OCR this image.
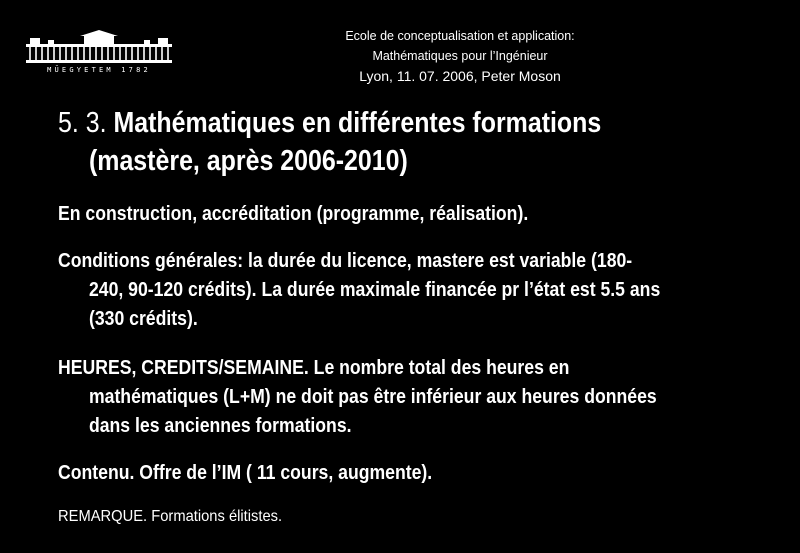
MŰEGYETEM 1782
Ecole de conceptualisation et application:
Mathématiques pour l’Ingénieur
Lyon, 11. 07. 2006, Peter Moson
5. 3. Mathématiques en différentes formations
(mastère, après 2006-2010)
En construction, accréditation (programme, réalisation).
Conditions générales: la durée du licence, mastere est variable (180-
240, 90-120 crédits). La durée maximale financée pr l’état est 5.5 ans
(330 crédits).
HEURES, CREDITS/SEMAINE. Le nombre total des heures en
mathématiques (L+M) ne doit pas être inférieur aux heures données
dans les anciennes formations.
Contenu. Offre de l’IM ( 11 cours, augmente).
REMARQUE. Formations élitistes.
